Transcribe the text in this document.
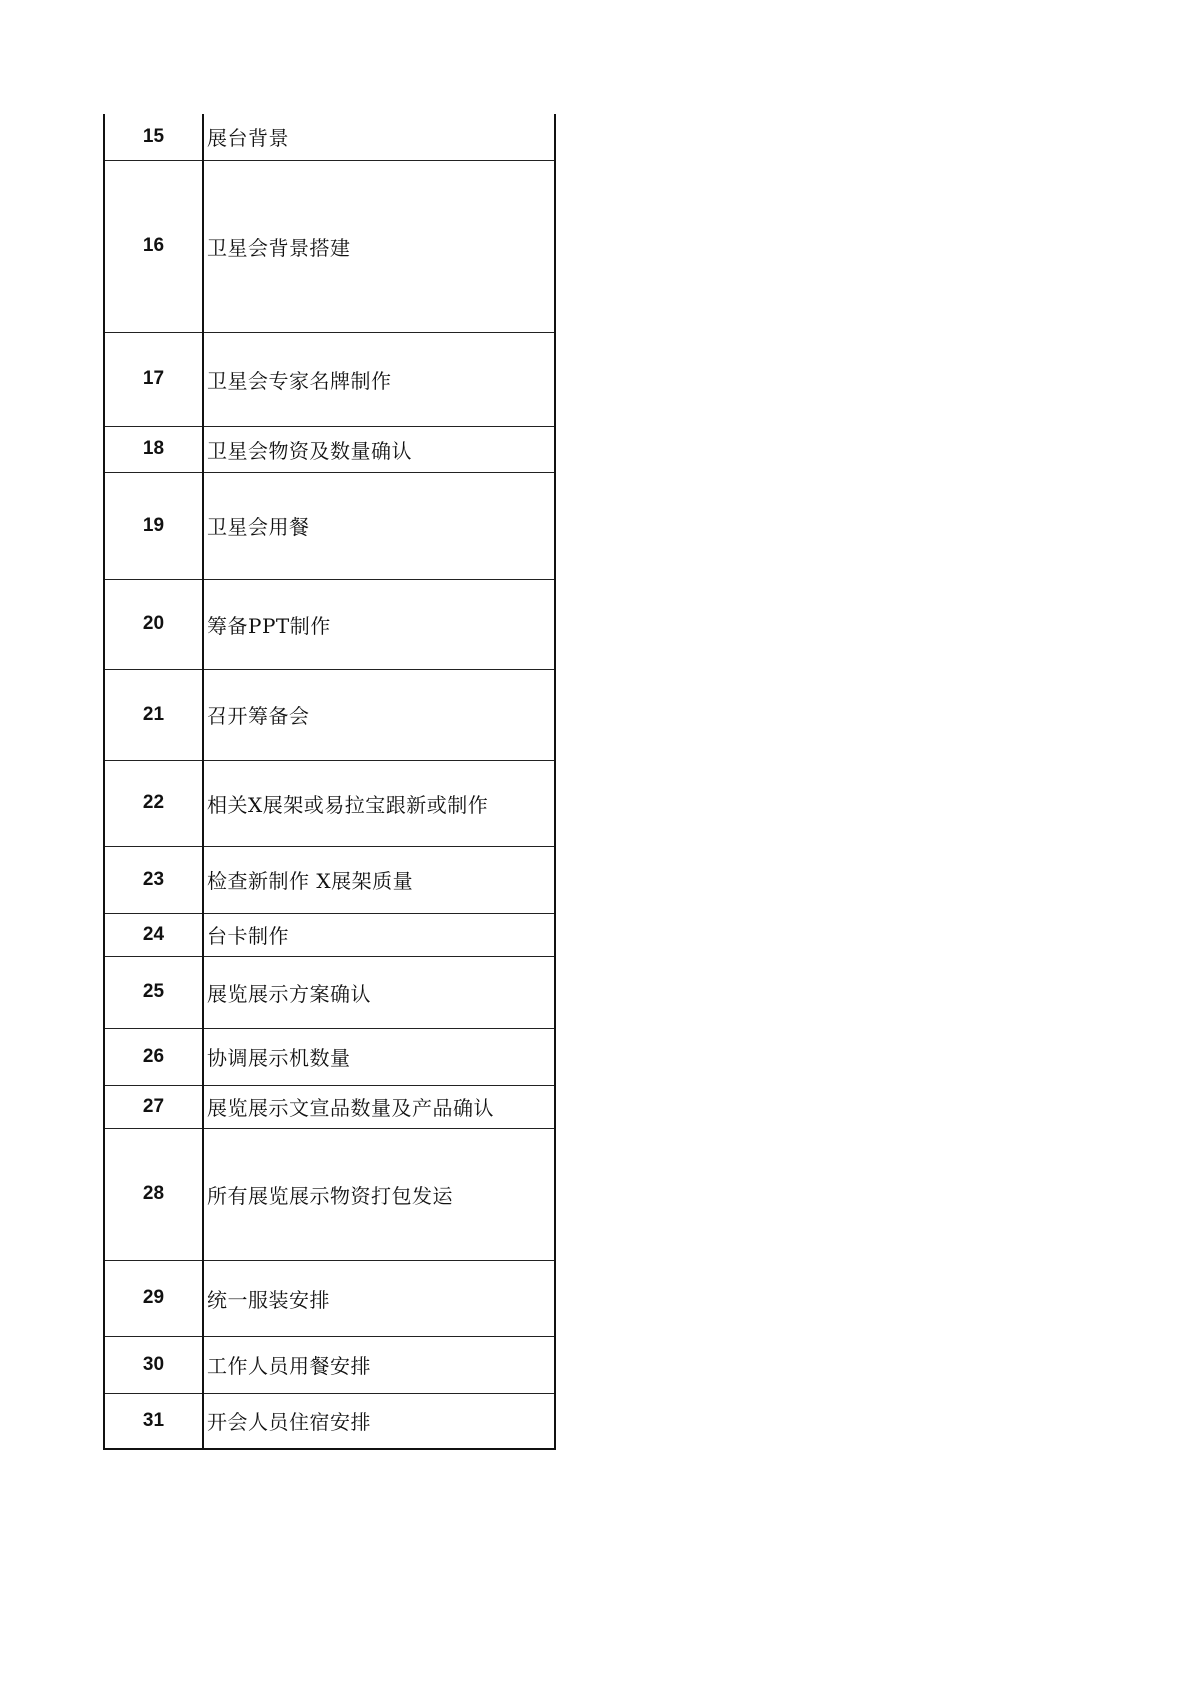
15	展台背景
16	卫星会背景搭建
17	卫星会专家名牌制作
18	卫星会物资及数量确认
19	卫星会用餐
20	筹备PPT制作
21	召开筹备会
22	相关X展架或易拉宝跟新或制作
23	检查新制作 X展架质量
24	台卡制作
25	展览展示方案确认
26	协调展示机数量
27	展览展示文宣品数量及产品确认
28	所有展览展示物资打包发运
29	统一服装安排
30	工作人员用餐安排
31	开会人员住宿安排
